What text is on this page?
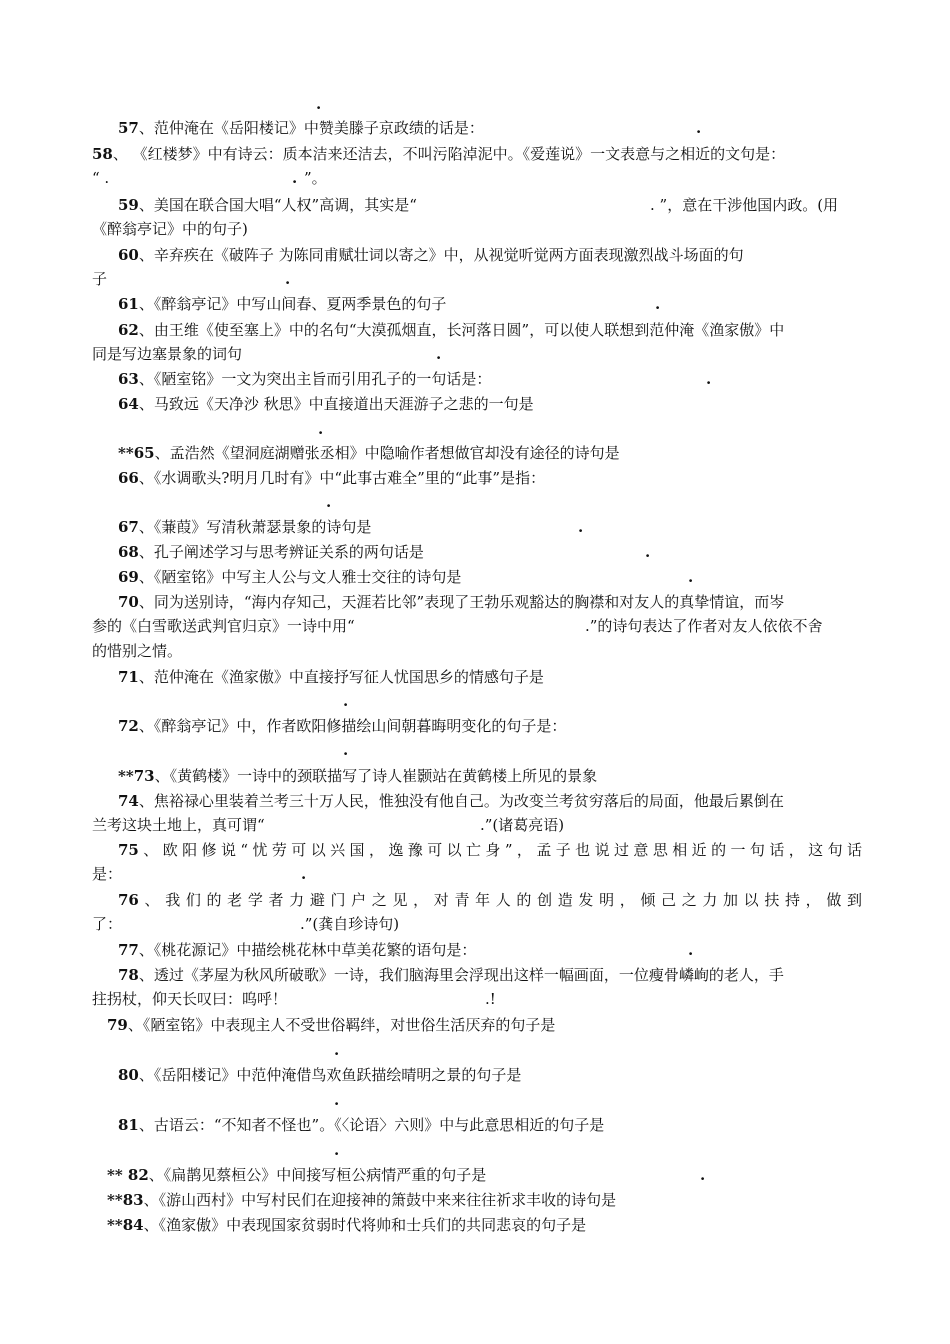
.
57、范仲淹在《岳阳楼记》中赞美滕子京政绩的话是：	.
58、 《红楼梦》中有诗云：质本洁来还洁去，不叫污陷淖泥中。《爱莲说》一文表意与之相近的文句是：
“ .	. ”。
59、美国在联合国大唱“人权”高调，其实是“	. ”，意在干涉他国内政。(用
《醉翁亭记》中的句子)
60、辛弃疾在《破阵子 为陈同甫赋壮词以寄之》中，从视觉听觉两方面表现激烈战斗场面的句
子	.
61、《醉翁亭记》中写山间春、夏两季景色的句子	.
62、由王维《使至塞上》中的名句“大漠孤烟直，长河落日圆”，可以使人联想到范仲淹《渔家傲》中
同是写边塞景象的词句	.
63、《陋室铭》一文为突出主旨而引用孔子的一句话是：	.
64、马致远《天净沙 秋思》中直接道出天涯游子之悲的一句是
.
**65、孟浩然《望洞庭湖赠张丞相》中隐喻作者想做官却没有途径的诗句是
66、《水调歌头?明月几时有》中“此事古难全”里的“此事”是指：
.
67、《蒹葭》写清秋萧瑟景象的诗句是	.
68、孔子阐述学习与思考辨证关系的两句话是	.
69、《陋室铭》中写主人公与文人雅士交往的诗句是	.
70、同为送别诗，“海内存知己，天涯若比邻”表现了王勃乐观豁达的胸襟和对友人的真挚情谊，而岑
参的《白雪歌送武判官归京》一诗中用“	.”的诗句表达了作者对友人依依不舍
的惜别之情。
71、范仲淹在《渔家傲》中直接抒写征人忧国思乡的情感句子是
.
72、《醉翁亭记》中，作者欧阳修描绘山间朝暮晦明变化的句子是：
.
**73、《黄鹤楼》一诗中的颈联描写了诗人崔颢站在黄鹤楼上所见的景象
74、焦裕禄心里装着兰考三十万人民，惟独没有他自己。为改变兰考贫穷落后的局面，他最后累倒在
兰考这块土地上，真可谓“	.”(诸葛亮语)
75、欧阳修说“忧劳可以兴国，逸豫可以亡身”，孟子也说过意思相近的一句话，这句话
是：	.
76、我们的老学者力避门户之见，对青年人的创造发明，倾己之力加以扶持，做到
了：	.”(龚自珍诗句)
77、《桃花源记》中描绘桃花林中草美花繁的语句是：	.
78、透过《茅屋为秋风所破歌》一诗，我们脑海里会浮现出这样一幅画面，一位瘦骨嶙峋的老人，手
拄拐杖，仰天长叹曰：呜呼！	.!
79、《陋室铭》中表现主人不受世俗羁绊，对世俗生活厌弃的句子是
.
80、《岳阳楼记》中范仲淹借鸟欢鱼跃描绘晴明之景的句子是
.
81、古语云：“不知者不怪也”。《〈论语〉六则》中与此意思相近的句子是
.
** 82、《扁鹊见蔡桓公》中间接写桓公病情严重的句子是	.
**83、《游山西村》中写村民们在迎接神的箫鼓中来来往往祈求丰收的诗句是
**84、《渔家傲》中表现国家贫弱时代将帅和士兵们的共同悲哀的句子是
